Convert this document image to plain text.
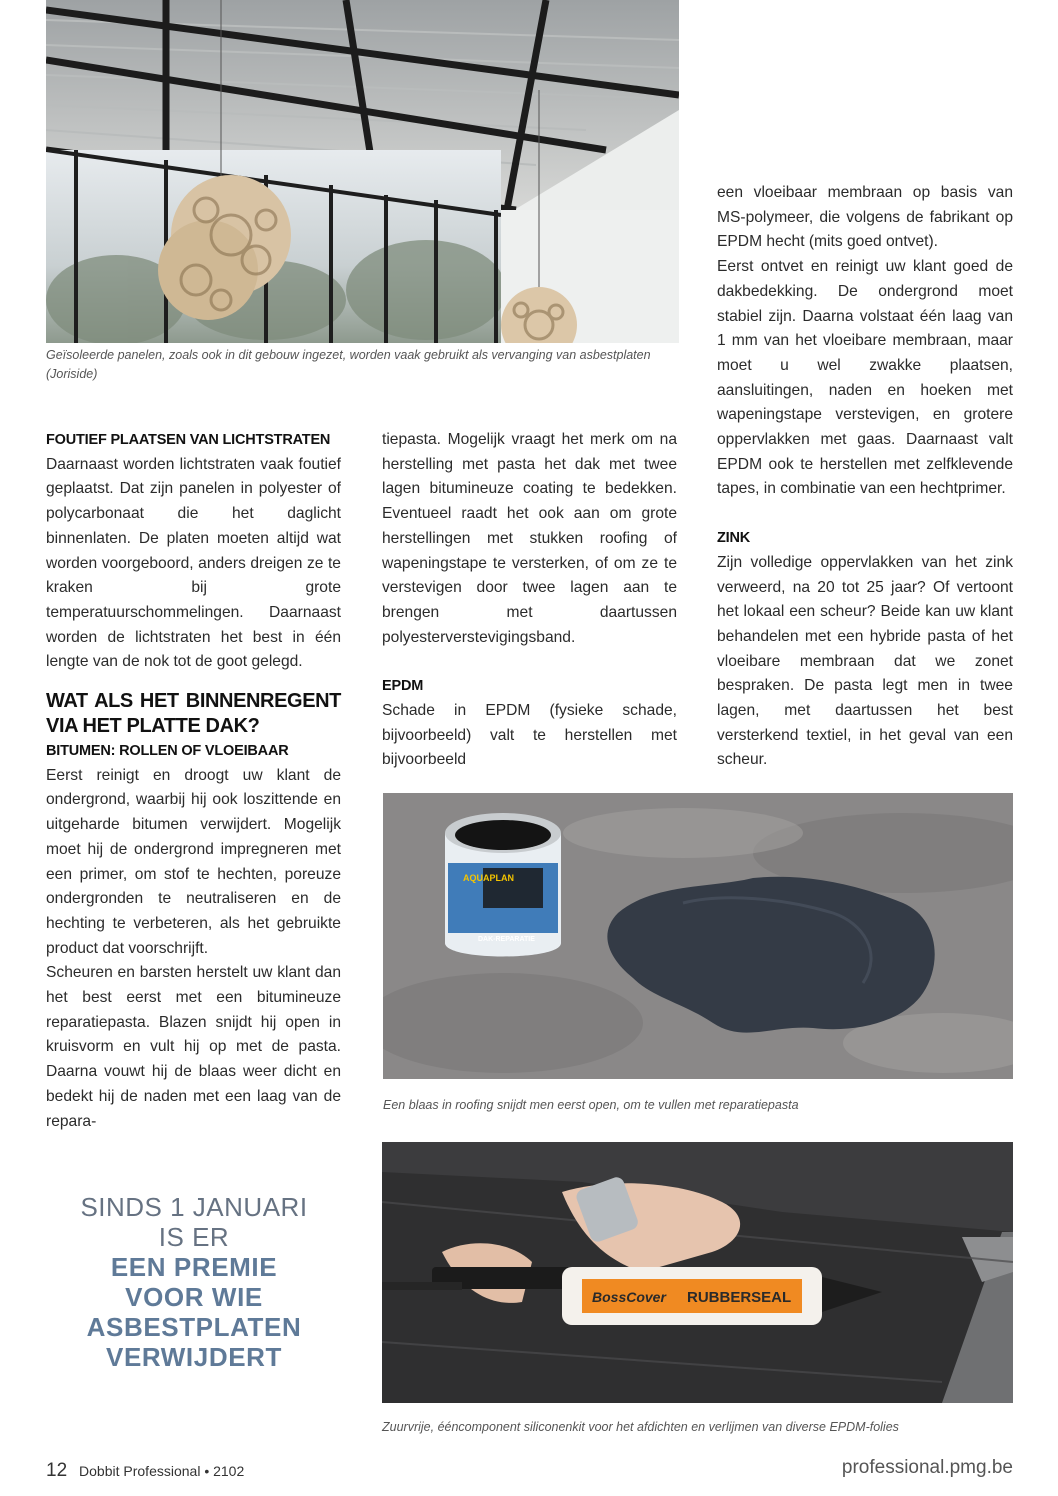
Geïsoleerde panelen, zoals ook in dit gebouw ingezet, worden vaak gebruikt als vervanging van asbestplaten (Joriside)
FOUTIEF PLAATSEN VAN LICHTSTRATEN

Daarnaast worden lichtstraten vaak foutief geplaatst. Dat zijn panelen in polyester of polycarbonaat die het daglicht binnenlaten. De platen moeten altijd wat worden voorgeboord, anders dreigen ze te kraken bij grote temperatuurschommelingen. Daarnaast worden de lichtstraten het best in één lengte van de nok tot de goot gelegd.

WAT ALS HET BINNENREGENT VIA HET PLATTE DAK?
BITUMEN: ROLLEN OF VLOEIBAAR

Eerst reinigt en droogt uw klant de ondergrond, waarbij hij ook loszittende en uitgeharde bitumen verwijdert. Mogelijk moet hij de ondergrond impregneren met een primer, om stof te hechten, poreuze ondergronden te neutraliseren en de hechting te verbeteren, als het gebruikte product dat voorschrijft.

Scheuren en barsten herstelt uw klant dan het best eerst met een bitumineuze reparatiepasta. Blazen snijdt hij open in kruisvorm en vult hij op met de pasta. Daarna vouwt hij de blaas weer dicht en bedekt hij de naden met een laag van de repara-

tiepasta. Mogelijk vraagt het merk om na herstelling met pasta het dak met twee lagen bitumineuze coating te bedekken. Eventueel raadt het ook aan om grote herstellingen met stukken roofing of wapeningstape te versterken, of om ze te verstevigen door twee lagen aan te brengen met daartussen polyesterverstevigingsband.

EPDM

Schade in EPDM (fysieke schade, bijvoorbeeld) valt te herstellen met bijvoorbeeld

een vloeibaar membraan op basis van MS-polymeer, die volgens de fabrikant op EPDM hecht (mits goed ontvet).

Eerst ontvet en reinigt uw klant goed de dakbedekking. De ondergrond moet stabiel zijn. Daarna volstaat één laag van 1 mm van het vloeibare membraan, maar moet u wel zwakke plaatsen, aansluitingen, naden en hoeken met wapeningstape verstevigen, en grotere oppervlakken met gaas. Daarnaast valt EPDM ook te herstellen met zelfklevende tapes, in combinatie van een hechtprimer.

ZINK

Zijn volledige oppervlakken van het zink verweerd, na 20 tot 25 jaar? Of vertoont het lokaal een scheur? Beide kan uw klant behandelen met een hybride pasta of het vloeibare membraan dat we zonet bespraken. De pasta legt men in twee lagen, met daartussen het best versterkend textiel, in het geval van een scheur.

AQUAPLAN
DAK-REPARATIE
Een blaas in roofing snijdt men eerst open, om te vullen met reparatiepasta
SINDS 1 JANUARI
IS ER
EEN PREMIE
VOOR WIE
ASBESTPLATEN
VERWIJDERT
BossCover RUBBERSEAL
Zuurvrije, ééncomponent siliconenkit voor het afdichten en verlijmen van diverse EPDM-folies
12 Dobbit Professional • 2102	professional.pmg.be
